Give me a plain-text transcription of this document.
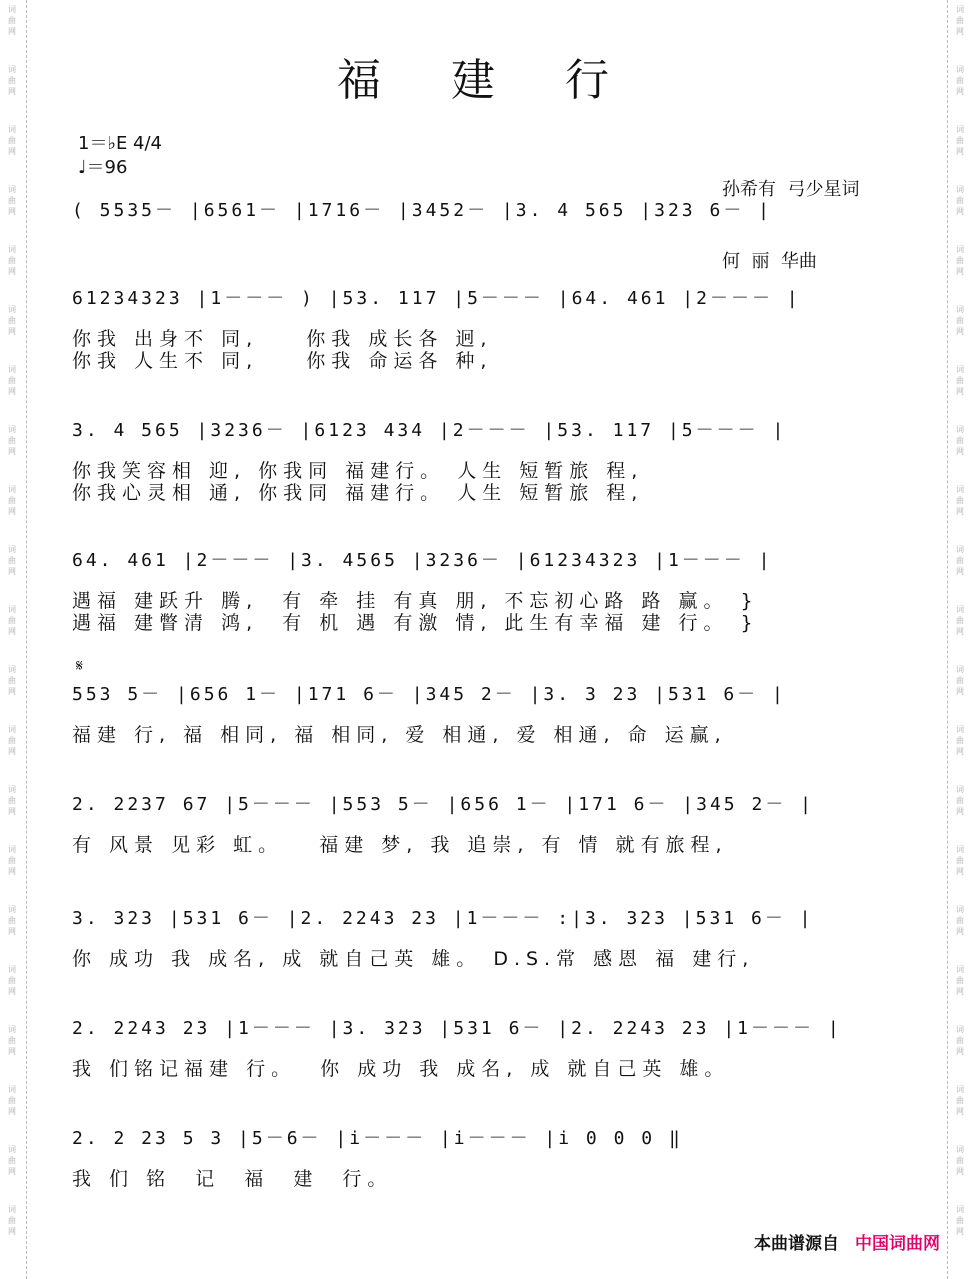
词
曲
网
词
曲
网
词
曲
网
词
曲
网
词
曲
网
词
曲
网
词
曲
网
词
曲
网
词
曲
网
词
曲
网
词
曲
网
词
曲
网
词
曲
网
词
曲
网
词
曲
网
词
曲
网
词
曲
网
词
曲
网
词
曲
网
词
曲
网
词
曲
网
词
曲
网
词
曲
网
词
曲
网
词
曲
网
词
曲
网
词
曲
网
词
曲
网
词
曲
网
词
曲
网
词
曲
网
词
曲
网
词
曲
网
词
曲
网
词
曲
网
词
曲
网
词
曲
网
词
曲
网
词
曲
网
词
曲
网
词
曲
网
词
曲
网
福 建 行
1＝♭E 4/4
♩＝96

孙希有  弓少星词

何  丽  华曲

𝄋
( 5535－ |6561－ |1716－ |3452－ |3. 4 565 |323 6－ |
61234323 |1－－－ ) |53. 117 |5－－－ |64. 461 |2－－－ |
你我 出身不 同,    你我 成长各 迥,
你我 人生不 同,    你我 命运各 种,
3. 4 565 |3236－ |6123 434 |2－－－ |53. 117 |5－－－ |
你我笑容相 迎, 你我同 福建行。 人生 短暂旅 程,
你我心灵相 通, 你我同 福建行。 人生 短暂旅 程,
64. 461 |2－－－ |3. 4565 |3236－ |61234323 |1－－－ |
遇福 建跃升 腾,  有 牵 挂 有真 朋, 不忘初心路 路 赢。 }
遇福 建瞥清 鸿,  有 机 遇 有激 情, 此生有幸福 建 行。 }
553 5－ |656 1－ |171 6－ |345 2－ |3. 3 23 |531 6－ |
福建 行, 福 相同, 福 相同, 爱 相通, 爱 相通, 命 运赢,
2. 2237 67 |5－－－ |553 5－ |656 1－ |171 6－ |345 2－ |
有 风景 见彩 虹。   福建 梦, 我 追崇, 有 情 就有旅程,
3. 323 |531 6－ |2. 2243 23 |1－－－ :|3. 323 |531 6－ |
你 成功 我 成名, 成 就自己英 雄。 D.S.常 感恩 福 建行,
2. 2243 23 |1－－－ |3. 323 |531 6－ |2. 2243 23 |1－－－ |
我 们铭记福建 行。  你 成功 我 成名, 成 就自己英 雄。
2. 2 23 5 3 |5－6－ |i－－－ |i－－－ |i 0 0 0 ‖
我 们 铭  记  福  建  行。
本曲谱源自 中国词曲网
